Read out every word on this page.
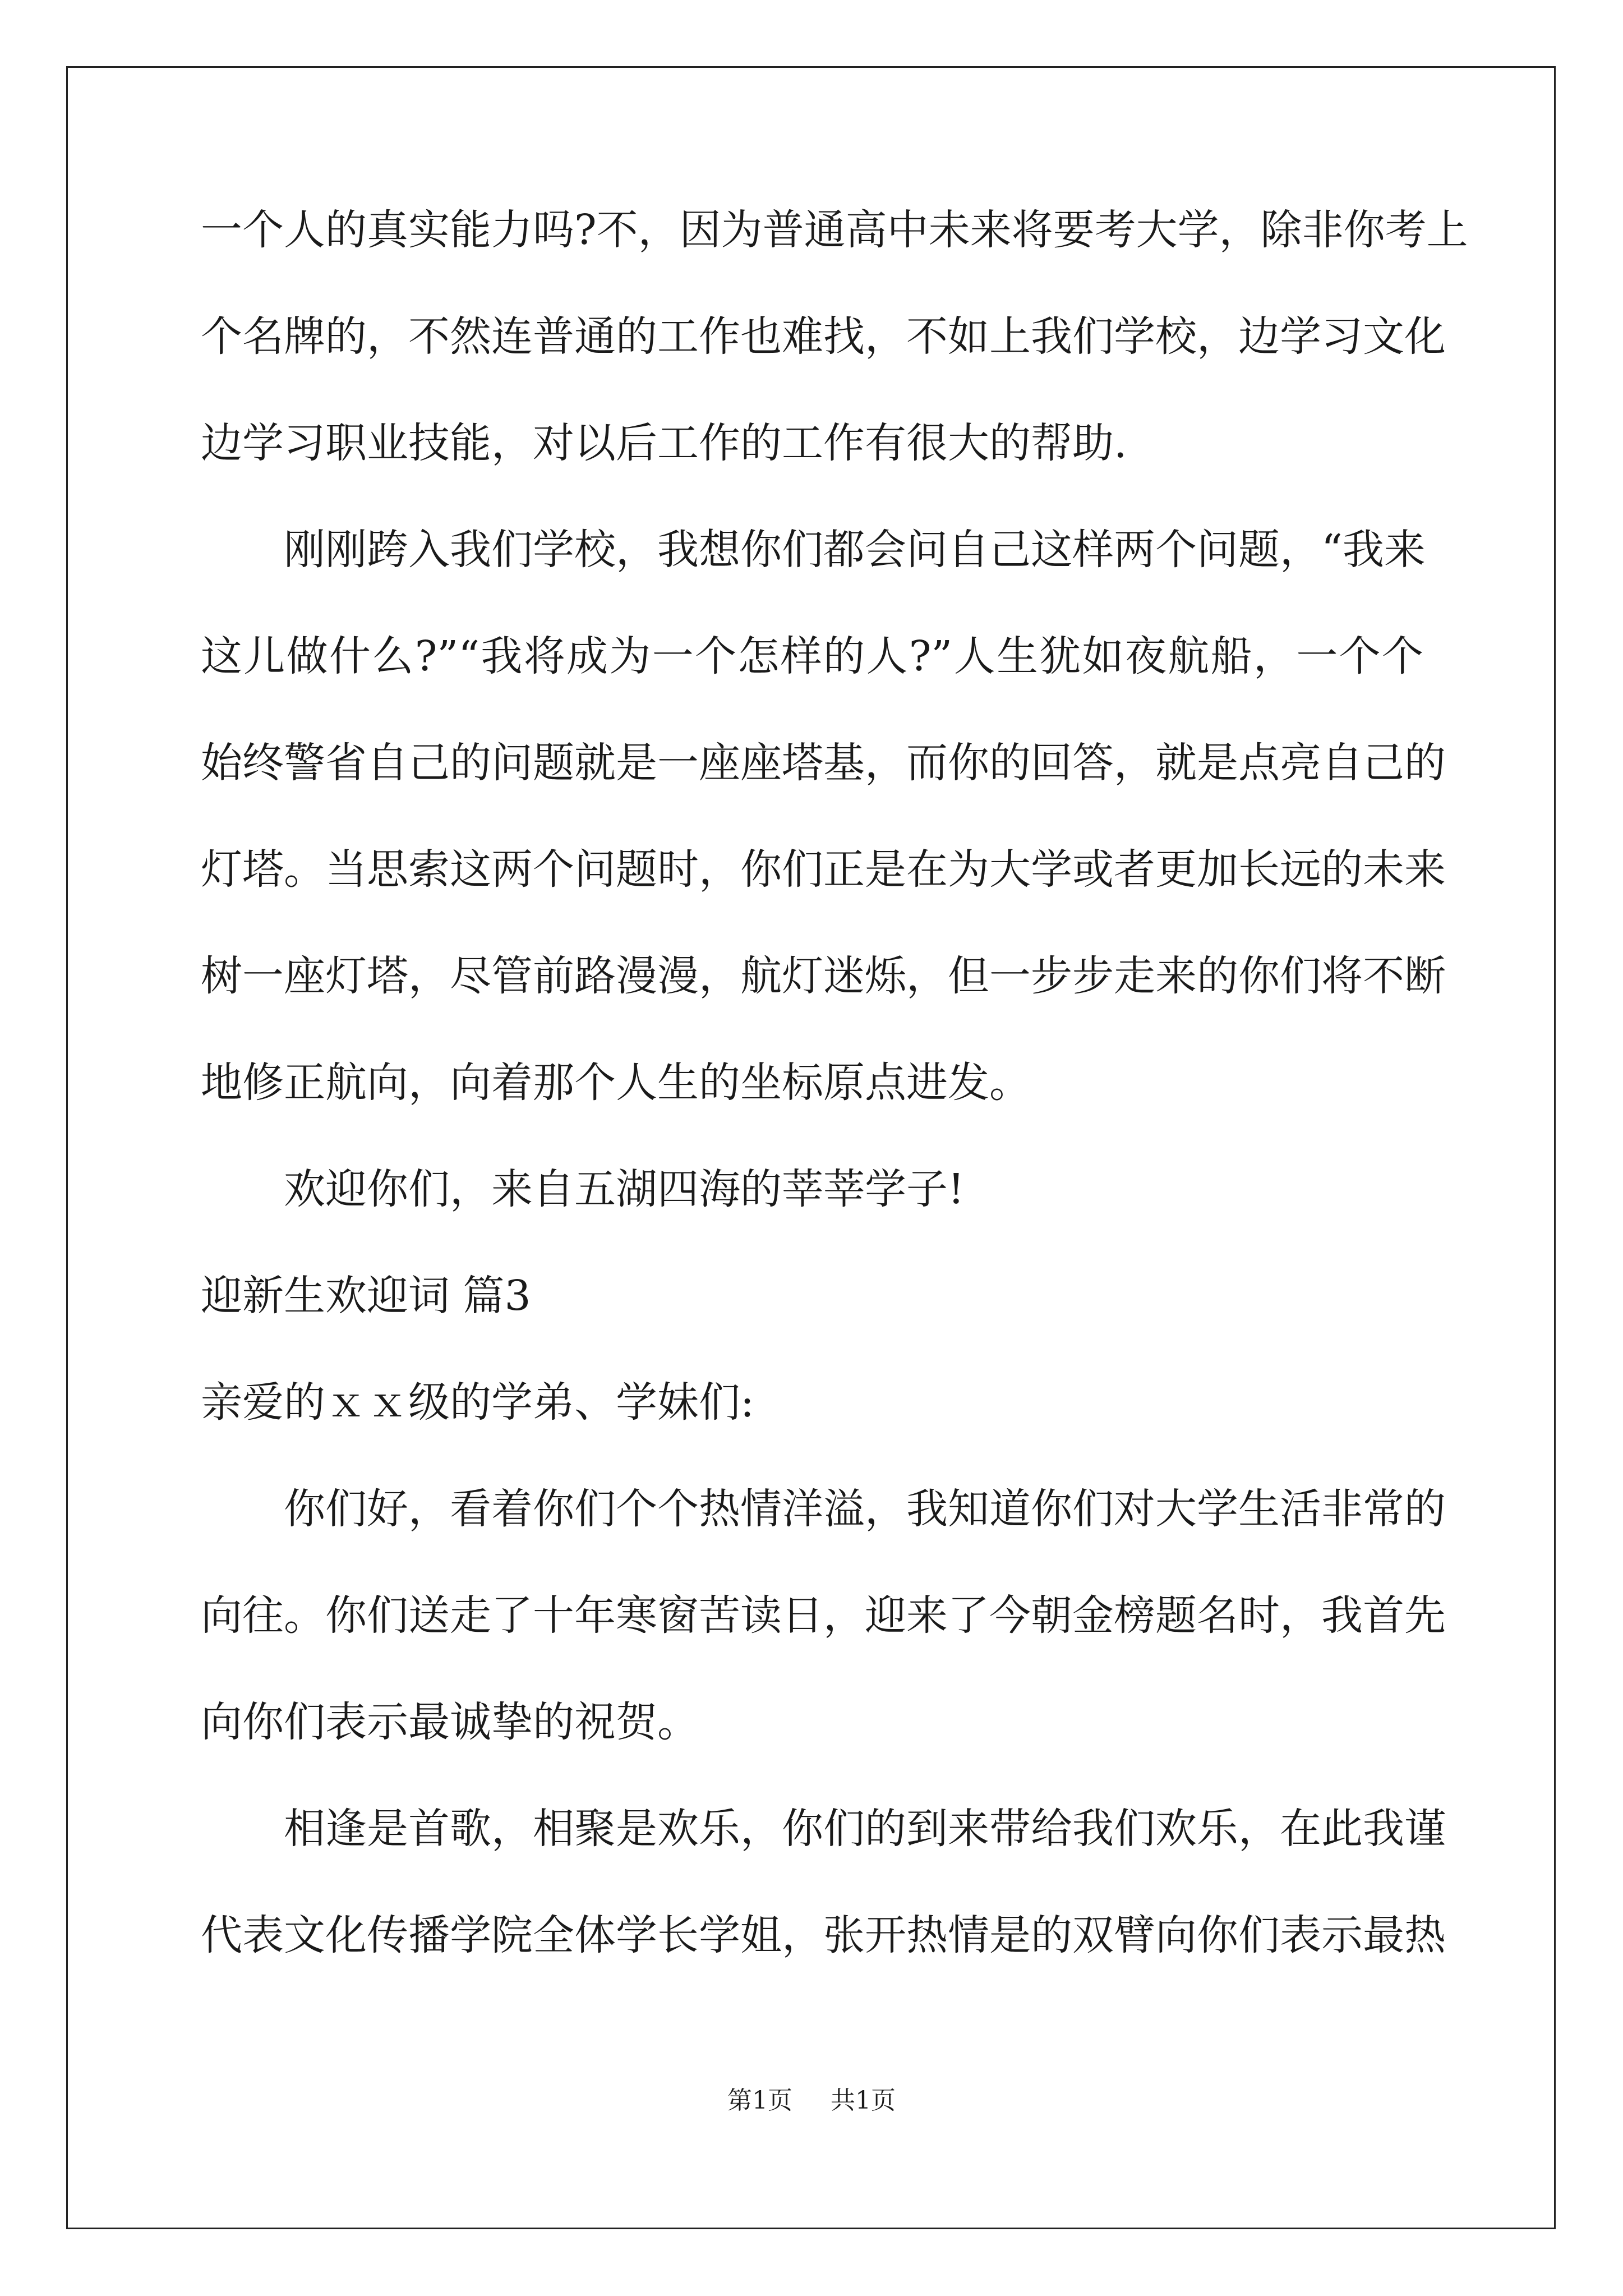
一个人的真实能力吗?不，因为普通高中未来将要考大学，除非你考上
个名牌的，不然连普通的工作也难找，不如上我们学校，边学习文化
边学习职业技能，对以后工作的工作有很大的帮助.
刚刚跨入我们学校，我想你们都会问自己这样两个问题，“我来
这儿做什么?”“我将成为一个怎样的人?”人生犹如夜航船，一个个
始终警省自己的问题就是一座座塔基，而你的回答，就是点亮自己的
灯塔。当思索这两个问题时，你们正是在为大学或者更加长远的未来
树一座灯塔，尽管前路漫漫，航灯迷烁，但一步步走来的你们将不断
地修正航向，向着那个人生的坐标原点进发。
欢迎你们，来自五湖四海的莘莘学子!
迎新生欢迎词 篇3
亲爱的ｘｘ级的学弟、学妹们:
你们好，看着你们个个热情洋溢，我知道你们对大学生活非常的
向往。你们送走了十年寒窗苦读日，迎来了今朝金榜题名时，我首先
向你们表示最诚挚的祝贺。
相逢是首歌，相聚是欢乐，你们的到来带给我们欢乐，在此我谨
代表文化传播学院全体学长学姐，张开热情是的双臂向你们表示最热
第1页 共1页
